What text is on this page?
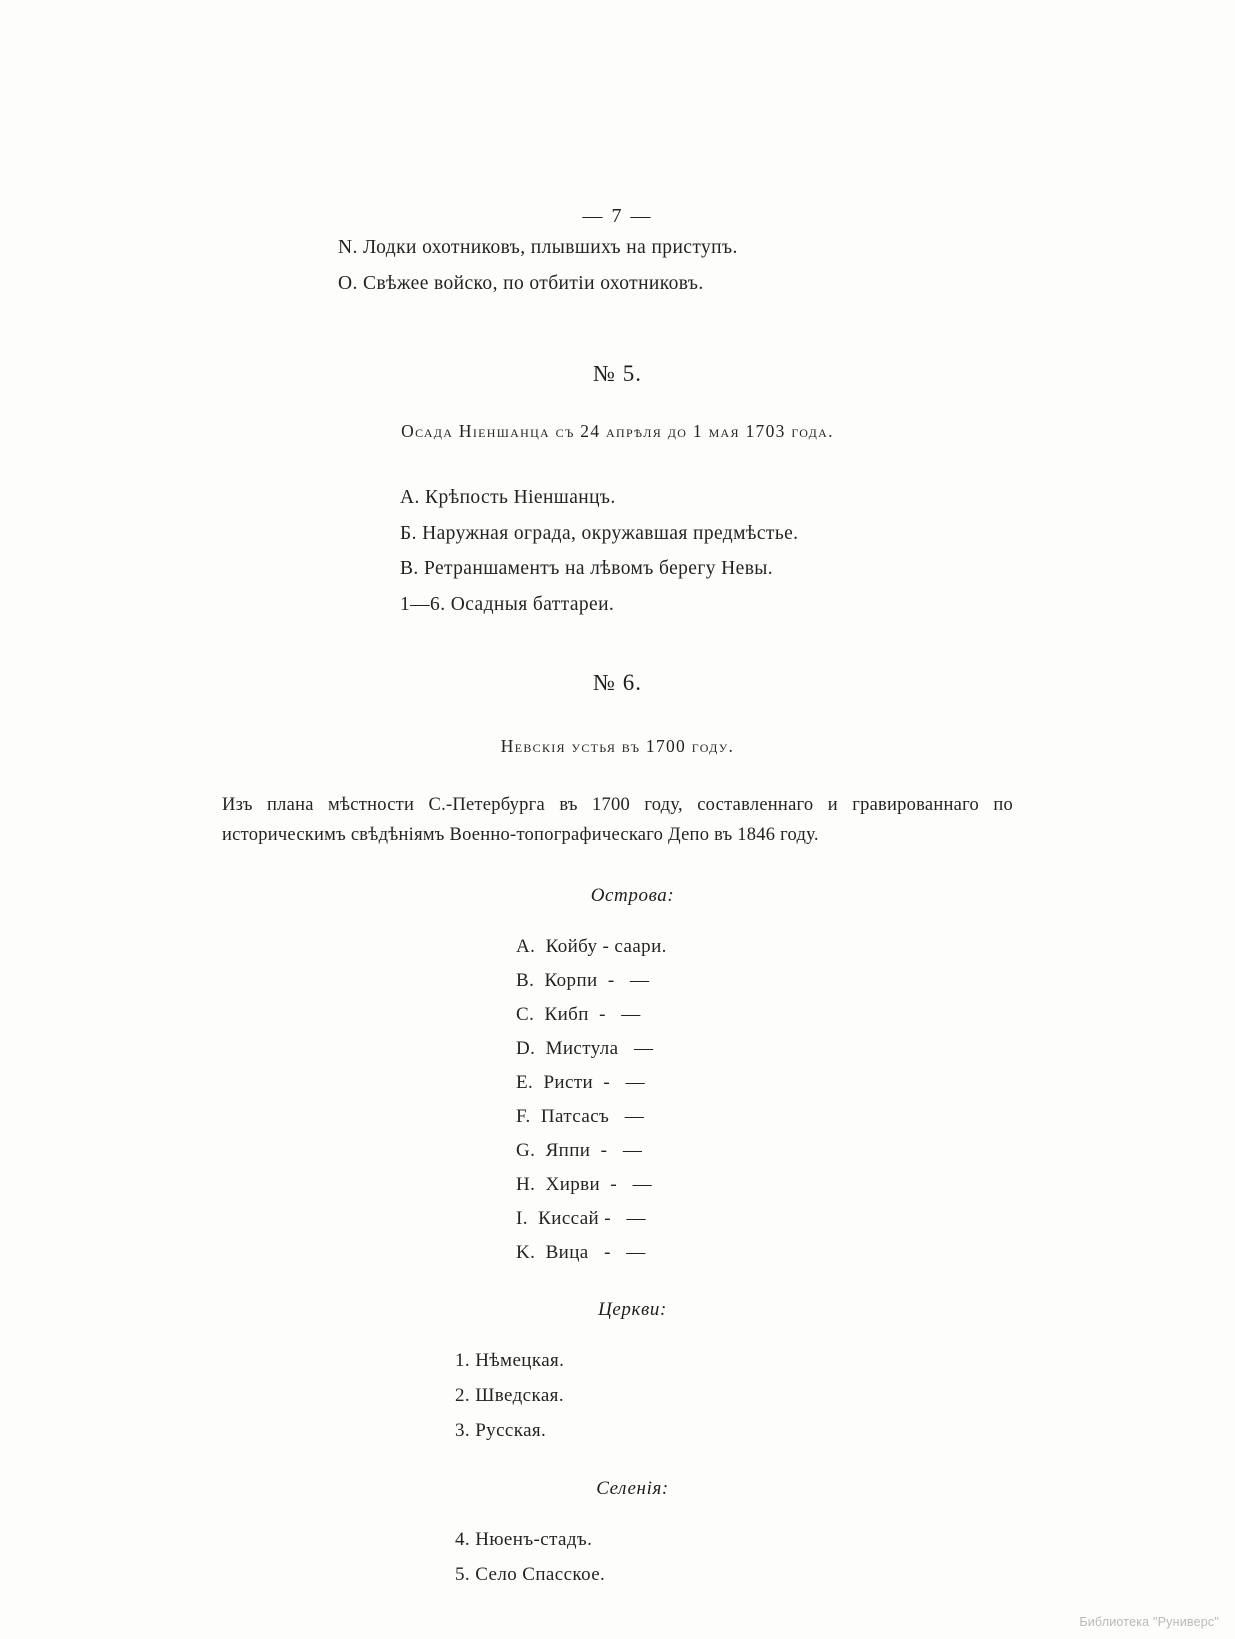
— 7 —

N. Лодки охотниковъ, плывшихъ на приступъ.

O. Свѣжее войско, по отбитіи охотниковъ.

№ 5.

Осада Ніеншанца съ 24 апрѣля до 1 мая 1703 года.

А. Крѣпость Ніеншанцъ.

Б. Наружная ограда, окружавшая предмѣстье.

В. Ретраншаментъ на лѣвомъ берегу Невы.

1—6. Осадныя баттареи.

№ 6.

Невскія устья въ 1700 году.

Изъ плана мѣстности С.-Петербурга въ 1700 году, составленнаго и гравированнаго по историческимъ свѣдѣніямъ Военно-топографическаго Депо въ 1846 году.

Острова:

A.  Койбу - саари.

B.  Корпи  -   —

C.  Кибп  -   —

D.  Мистула   —

E.  Ристи  -   —

F.  Патсасъ   —

G.  Яппи  -   —

H.  Хирви  -   —

I.  Киссай -   —

K.  Вица   -   —

Церкви:

1. Нѣмецкая.

2. Шведская.

3. Русская.

Селенія:

4. Нюенъ-стадъ.

5. Село Спасское.

Библиотека "Руниверс"
